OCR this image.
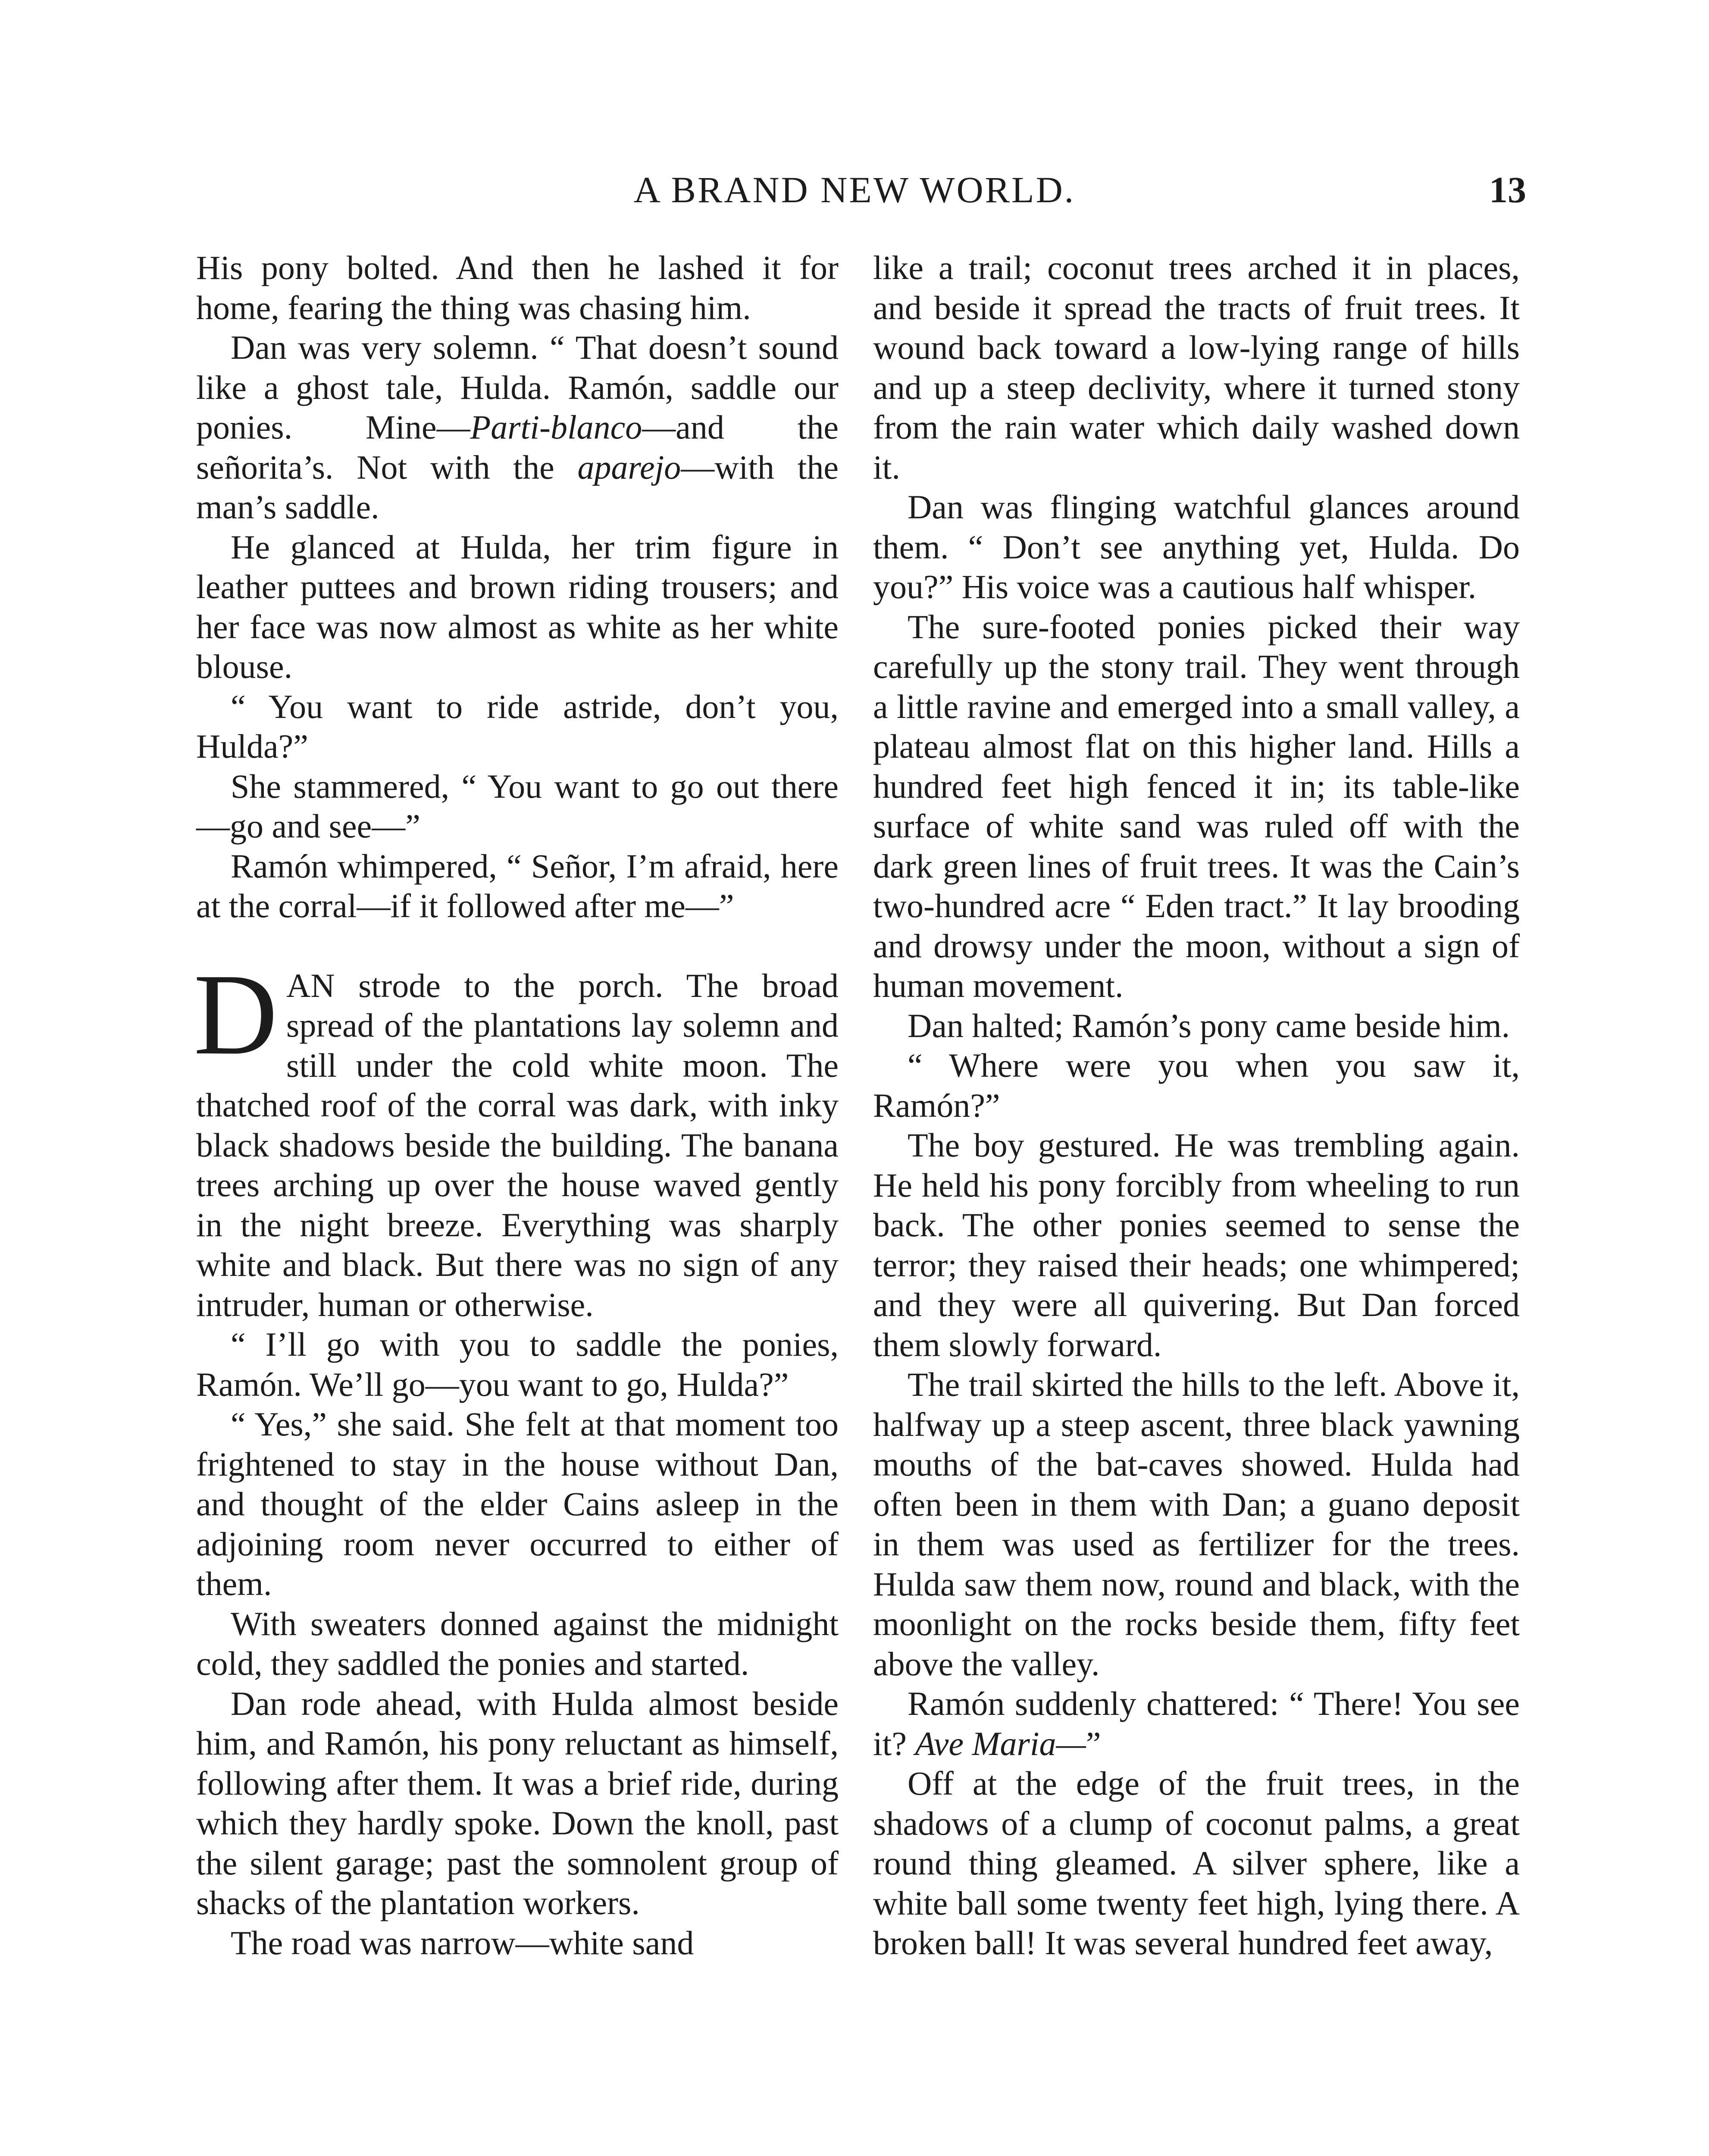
A BRAND NEW WORLD.	13

His pony bolted. And then he lashed it for home, fearing the thing was chasing him.

Dan was very solemn. “ That doesn’t sound like a ghost tale, Hulda. Ramón, saddle our ponies. Mine—Parti-blanco—and the señorita’s. Not with the aparejo—with the man’s saddle.

He glanced at Hulda, her trim figure in leather puttees and brown riding trousers; and her face was now almost as white as her white blouse.

“ You want to ride astride, don’t you, Hulda?”

She stammered, “ You want to go out there—go and see—”

Ramón whimpered, “ Señor, I’m afraid, here at the corral—if it followed after me—”

DAN strode to the porch. The broad spread of the plantations lay solemn and still under the cold white moon. The thatched roof of the corral was dark, with inky black shadows beside the building. The banana trees arching up over the house waved gently in the night breeze. Everything was sharply white and black. But there was no sign of any intruder, human or otherwise.

“ I’ll go with you to saddle the ponies, Ramón. We’ll go—you want to go, Hulda?”

“ Yes,” she said. She felt at that moment too frightened to stay in the house without Dan, and thought of the elder Cains asleep in the adjoining room never occurred to either of them.

With sweaters donned against the midnight cold, they saddled the ponies and started.

Dan rode ahead, with Hulda almost beside him, and Ramón, his pony reluctant as himself, following after them. It was a brief ride, during which they hardly spoke. Down the knoll, past the silent garage; past the somnolent group of shacks of the plantation workers.

The road was narrow—white sand

like a trail; coconut trees arched it in places, and beside it spread the tracts of fruit trees. It wound back toward a low-lying range of hills and up a steep declivity, where it turned stony from the rain water which daily washed down it.

Dan was flinging watchful glances around them. “ Don’t see anything yet, Hulda. Do you?” His voice was a cautious half whisper.

The sure-footed ponies picked their way carefully up the stony trail. They went through a little ravine and emerged into a small valley, a plateau almost flat on this higher land. Hills a hundred feet high fenced it in; its table-like surface of white sand was ruled off with the dark green lines of fruit trees. It was the Cain’s two-hundred acre “ Eden tract.” It lay brooding and drowsy under the moon, without a sign of human movement.

Dan halted; Ramón’s pony came beside him.

“ Where were you when you saw it, Ramón?”

The boy gestured. He was trembling again. He held his pony forcibly from wheeling to run back. The other ponies seemed to sense the terror; they raised their heads; one whimpered; and they were all quivering. But Dan forced them slowly forward.

The trail skirted the hills to the left. Above it, halfway up a steep ascent, three black yawning mouths of the bat-caves showed. Hulda had often been in them with Dan; a guano deposit in them was used as fertilizer for the trees. Hulda saw them now, round and black, with the moonlight on the rocks beside them, fifty feet above the valley.

Ramón suddenly chattered: “ There! You see it? Ave Maria—”

Off at the edge of the fruit trees, in the shadows of a clump of coconut palms, a great round thing gleamed. A silver sphere, like a white ball some twenty feet high, lying there. A broken ball! It was several hundred feet away,
